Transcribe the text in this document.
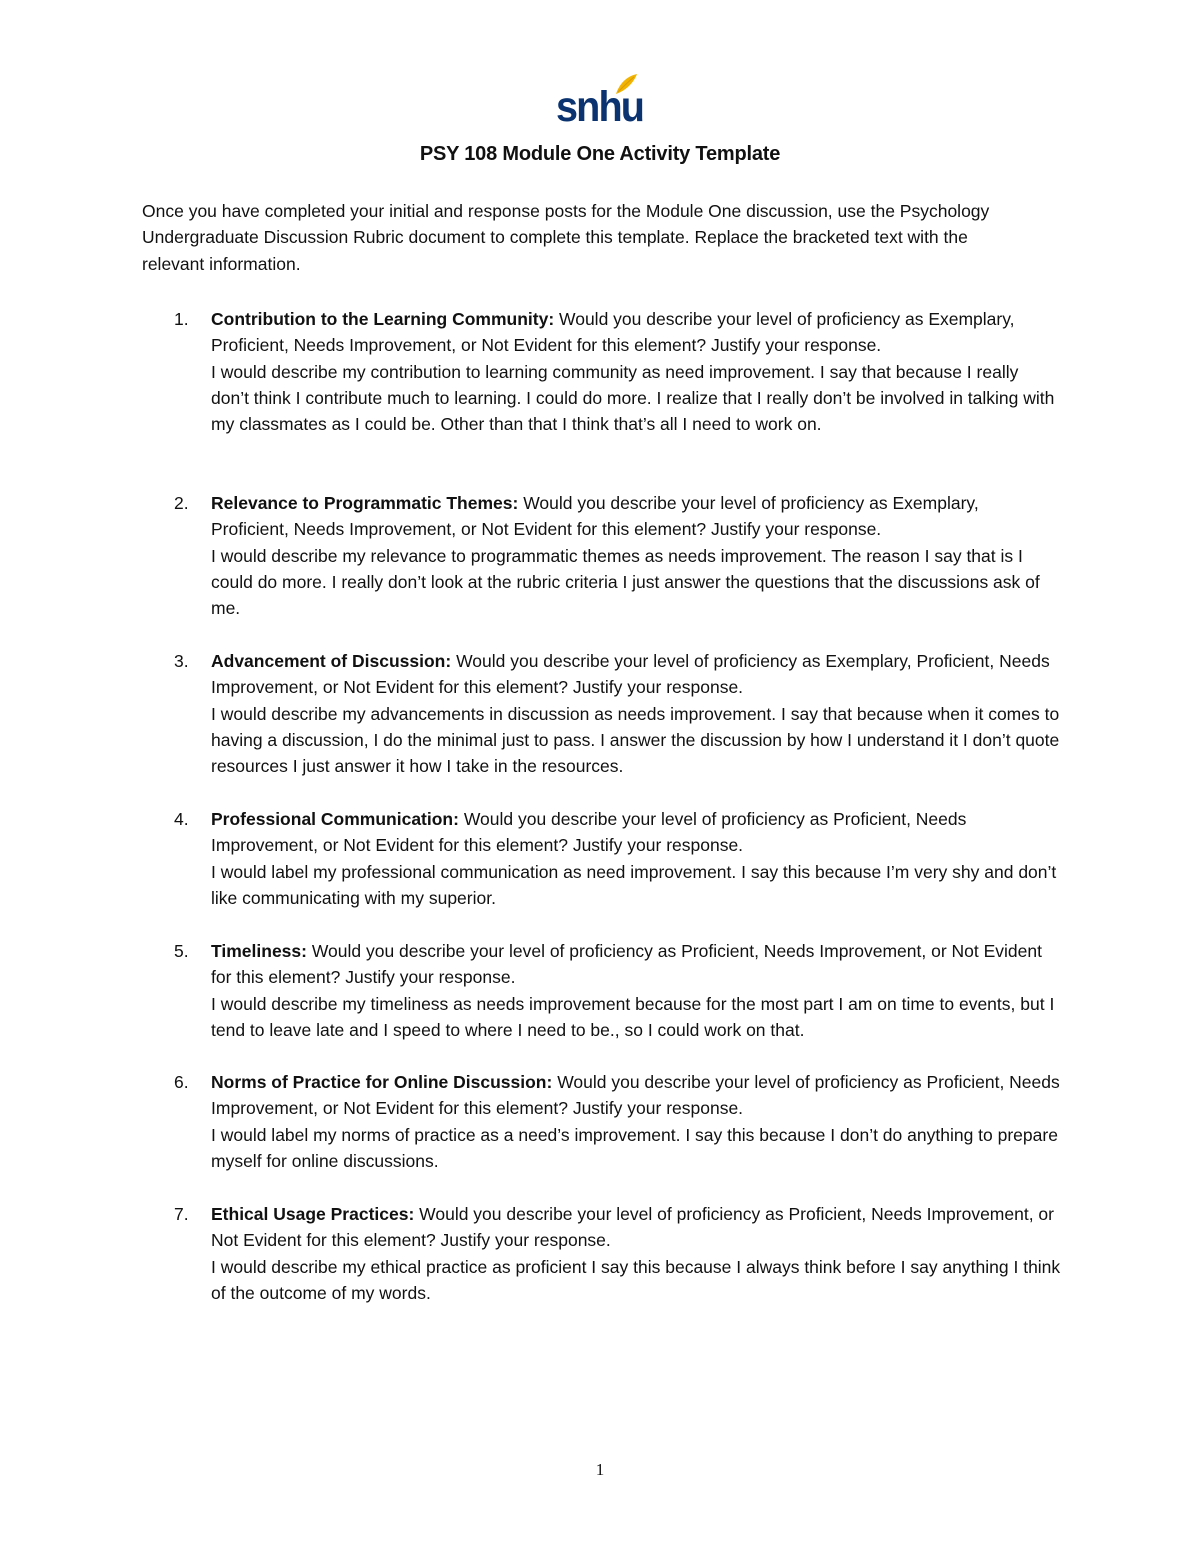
snhu
PSY 108 Module One Activity Template
Once you have completed your initial and response posts for the Module One discussion, use the Psychology Undergraduate Discussion Rubric document to complete this template. Replace the bracketed text with the relevant information.
1. Contribution to the Learning Community: Would you describe your level of proficiency as Exemplary, Proficient, Needs Improvement, or Not Evident for this element? Justify your response.
I would describe my contribution to learning community as need improvement. I say that because I really don’t think I contribute much to learning. I could do more. I realize that I really don’t be involved in talking with my classmates as I could be. Other than that I think that’s all I need to work on.
2. Relevance to Programmatic Themes: Would you describe your level of proficiency as Exemplary, Proficient, Needs Improvement, or Not Evident for this element? Justify your response.
I would describe my relevance to programmatic themes as needs improvement. The reason I say that is I could do more. I really don’t look at the rubric criteria I just answer the questions that the discussions ask of me.
3. Advancement of Discussion: Would you describe your level of proficiency as Exemplary, Proficient, Needs Improvement, or Not Evident for this element? Justify your response.
I would describe my advancements in discussion as needs improvement. I say that because when it comes to having a discussion, I do the minimal just to pass. I answer the discussion by how I understand it I don’t quote resources I just answer it how I take in the resources.
4. Professional Communication: Would you describe your level of proficiency as Proficient, Needs Improvement, or Not Evident for this element? Justify your response.
I would label my professional communication as need improvement. I say this because I’m very shy and don’t like communicating with my superior.
5. Timeliness: Would you describe your level of proficiency as Proficient, Needs Improvement, or Not Evident for this element? Justify your response.
I would describe my timeliness as needs improvement because for the most part I am on time to events, but I tend to leave late and I speed to where I need to be., so I could work on that.
6. Norms of Practice for Online Discussion: Would you describe your level of proficiency as Proficient, Needs Improvement, or Not Evident for this element? Justify your response.
I would label my norms of practice as a need’s improvement. I say this because I don’t do anything to prepare myself for online discussions.
7. Ethical Usage Practices: Would you describe your level of proficiency as Proficient, Needs Improvement, or Not Evident for this element? Justify your response.
I would describe my ethical practice as proficient I say this because I always think before I say anything I think of the outcome of my words.
1
